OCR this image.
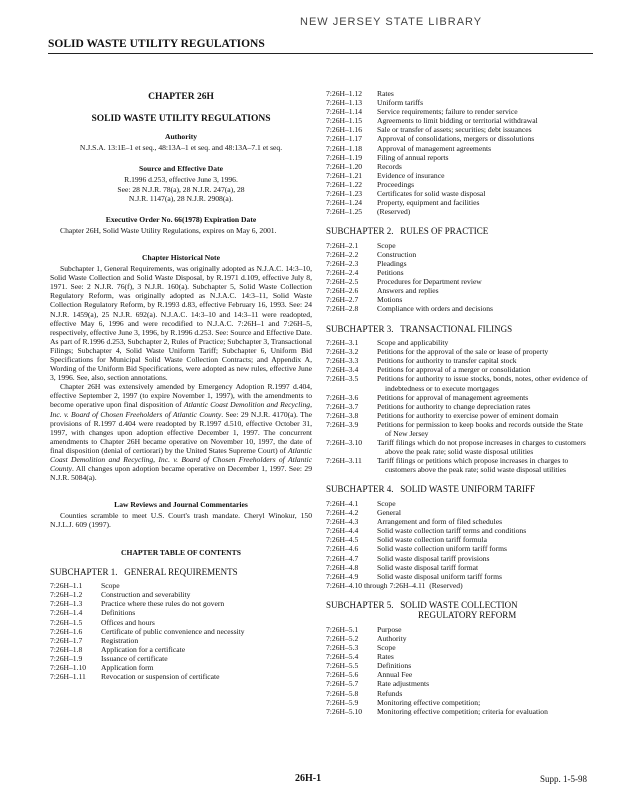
NEW JERSEY STATE LIBRARY
SOLID WASTE UTILITY REGULATIONS
CHAPTER 26H
SOLID WASTE UTILITY REGULATIONS
Authority

N.J.S.A. 13:1E–1 et seq., 48:13A–1 et seq. and 48:13A–7.1 et seq.

Source and Effective Date

R.1996 d.253, effective June 3, 1996.

See: 28 N.J.R. 78(a), 28 N.J.R. 247(a), 28

N.J.R. 1147(a), 28 N.J.R. 2908(a).

Executive Order No. 66(1978) Expiration Date

Chapter 26H, Solid Waste Utility Regulations, expires on May 6, 2001.

Chapter Historical Note

Subchapter 1, General Requirements, was originally adopted as N.J.A.C. 14:3–10, Solid Waste Collection and Solid Waste Disposal, by R.1971 d.109, effective July 8, 1971. See: 2 N.J.R. 76(f), 3 N.J.R. 160(a). Subchapter 5, Solid Waste Collection Regulatory Reform, was originally adopted as N.J.A.C. 14:3–11, Solid Waste Collection Regulatory Reform, by R.1993 d.83, effective February 16, 1993. See: 24 N.J.R. 1459(a), 25 N.J.R. 692(a). N.J.A.C. 14:3–10 and 14:3–11 were readopted, effective May 6, 1996 and were recodified to N.J.A.C. 7:26H–1 and 7:26H–5, respectively, effective June 3, 1996, by R.1996 d.253. See: Source and Effective Date. As part of R.1996 d.253, Subchapter 2, Rules of Practice; Subchapter 3, Transactional Filings; Subchapter 4, Solid Waste Uniform Tariff; Subchapter 6, Uniform Bid Specifications for Municipal Solid Waste Collection Contracts; and Appendix A, Wording of the Uniform Bid Specifications, were adopted as new rules, effective June 3, 1996. See, also, section annotations.

Chapter 26H was extensively amended by Emergency Adoption R.1997 d.404, effective September 2, 1997 (to expire November 1, 1997), with the amendments to become operative upon final disposition of Atlantic Coast Demolition and Recycling, Inc. v. Board of Chosen Freeholders of Atlantic County. See: 29 N.J.R. 4170(a). The provisions of R.1997 d.404 were readopted by R.1997 d.510, effective October 31, 1997, with changes upon adoption effective December 1, 1997. The concurrent amendments to Chapter 26H became operative on November 10, 1997, the date of final disposition (denial of certiorari) by the United States Supreme Court) of Atlantic Coast Demolition and Recycling, Inc. v. Board of Chosen Freeholders of Atlantic County. All changes upon adoption became operative on December 1, 1997. See: 29 N.J.R. 5084(a).

Law Reviews and Journal Commentaries

Counties scramble to meet U.S. Court's trash mandate. Cheryl Winokur, 150 N.J.L.J. 609 (1997).

CHAPTER TABLE OF CONTENTS
SUBCHAPTER 1. GENERAL REQUIREMENTS
7:26H–1.1	Scope
7:26H–1.2	Construction and severability
7:26H–1.3	Practice where these rules do not govern
7:26H–1.4	Definitions
7:26H–1.5	Offices and hours
7:26H–1.6	Certificate of public convenience and necessity
7:26H–1.7	Registration
7:26H–1.8	Application for a certificate
7:26H–1.9	Issuance of certificate
7:26H–1.10	Application form
7:26H–1.11	Revocation or suspension of certificate
7:26H–1.12	Rates
7:26H–1.13	Uniform tariffs
7:26H–1.14	Service requirements; failure to render service
7:26H–1.15	Agreements to limit bidding or territorial withdrawal
7:26H–1.16	Sale or transfer of assets; securities; debt issuances
7:26H–1.17	Approval of consolidations, mergers or dissolutions
7:26H–1.18	Approval of management agreements
7:26H–1.19	Filing of annual reports
7:26H–1.20	Records
7:26H–1.21	Evidence of insurance
7:26H–1.22	Proceedings
7:26H–1.23	Certificates for solid waste disposal
7:26H–1.24	Property, equipment and facilities
7:26H–1.25	(Reserved)
SUBCHAPTER 2. RULES OF PRACTICE
7:26H–2.1	Scope
7:26H–2.2	Construction
7:26H–2.3	Pleadings
7:26H–2.4	Petitions
7:26H–2.5	Procedures for Department review
7:26H–2.6	Answers and replies
7:26H–2.7	Motions
7:26H–2.8	Compliance with orders and decisions
SUBCHAPTER 3. TRANSACTIONAL FILINGS
7:26H–3.1	Scope and applicability
7:26H–3.2	Petitions for the approval of the sale or lease of property
7:26H–3.3	Petitions for authority to transfer capital stock
7:26H–3.4	Petitions for approval of a merger or consolidation
7:26H–3.5	Petitions for authority to issue stocks, bonds, notes, other evidence of indebtedness or to execute mortgages
7:26H–3.6	Petitions for approval of management agreements
7:26H–3.7	Petitions for authority to change depreciation rates
7:26H–3.8	Petitions for authority to exercise power of eminent domain
7:26H–3.9	Petitions for permission to keep books and records outside the State of New Jersey
7:26H–3.10	Tariff filings which do not propose increases in charges to customers above the peak rate; solid waste disposal utilities
7:26H–3.11	Tariff filings or petitions which propose increases in charges to customers above the peak rate; solid waste disposal utilities
SUBCHAPTER 4. SOLID WASTE UNIFORM TARIFF
7:26H–4.1	Scope
7:26H–4.2	General
7:26H–4.3	Arrangement and form of filed schedules
7:26H–4.4	Solid waste collection tariff terms and conditions
7:26H–4.5	Solid waste collection tariff formula
7:26H–4.6	Solid waste collection uniform tariff forms
7:26H–4.7	Solid waste disposal tariff provisions
7:26H–4.8	Solid waste disposal tariff format
7:26H–4.9	Solid waste disposal uniform tariff forms
7:26H–4.10 through 7:26H–4.11 (Reserved)
SUBCHAPTER 5. SOLID WASTE COLLECTION
REGULATORY REFORM
7:26H–5.1	Purpose
7:26H–5.2	Authority
7:26H–5.3	Scope
7:26H–5.4	Rates
7:26H–5.5	Definitions
7:26H–5.6	Annual Fee
7:26H–5.7	Rate adjustments
7:26H–5.8	Refunds
7:26H–5.9	Monitoring effective competition;
7:26H–5.10	Monitoring effective competition; criteria for evaluation
26H-1	Supp. 1-5-98
